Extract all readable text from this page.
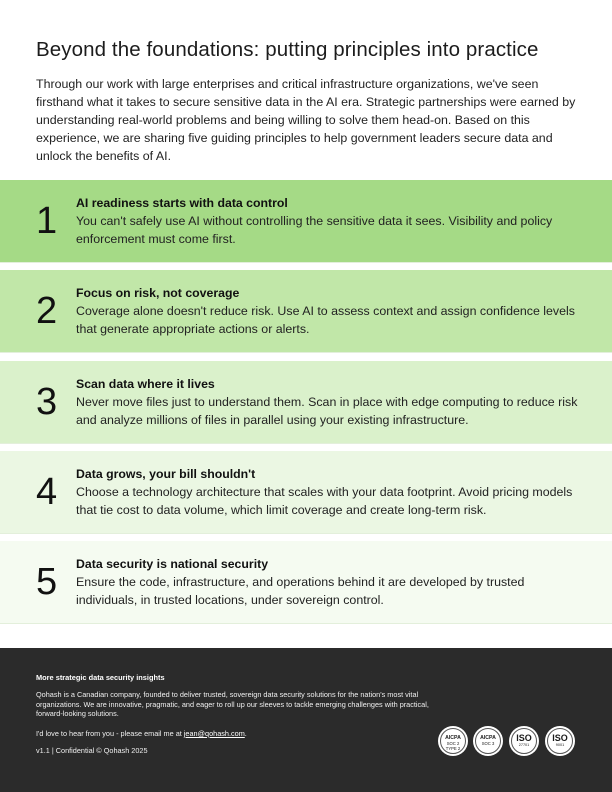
Beyond the foundations: putting principles into practice

Through our work with large enterprises and critical infrastructure organizations, we've seen firsthand what it takes to secure sensitive data in the AI era. Strategic partnerships were earned by understanding real-world problems and being willing to solve them head-on. Based on this experience, we are sharing five guiding principles to help government leaders secure data and unlock the benefits of AI.

1 AI readiness starts with data control
You can't safely use AI without controlling the sensitive data it sees. Visibility and policy enforcement must come first.
2 Focus on risk, not coverage
Coverage alone doesn't reduce risk. Use AI to assess context and assign confidence levels that generate appropriate actions or alerts.
3 Scan data where it lives
Never move files just to understand them. Scan in place with edge computing to reduce risk and analyze millions of files in parallel using your existing infrastructure.
4 Data grows, your bill shouldn't
Choose a technology architecture that scales with your data footprint. Avoid pricing models that tie cost to data volume, which limit coverage and create long-term risk.
5 Data security is national security
Ensure the code, infrastructure, and operations behind it are developed by trusted individuals, in trusted locations, under sovereign control.
More strategic data security insights
Qohash is a Canadian company, founded to deliver trusted, sovereign data security solutions for the nation's most vital organizations. We are innovative, pragmatic, and eager to roll up our sleeves to tackle emerging challenges with practical, forward-looking solutions.
I'd love to hear from you - please email me at jean@qohash.com.
v1.1 | Confidential © Qohash 2025
AICPA
SOC 2
TYPE 2
AICPA
SOC 3
ISO
27701
ISO
9001
